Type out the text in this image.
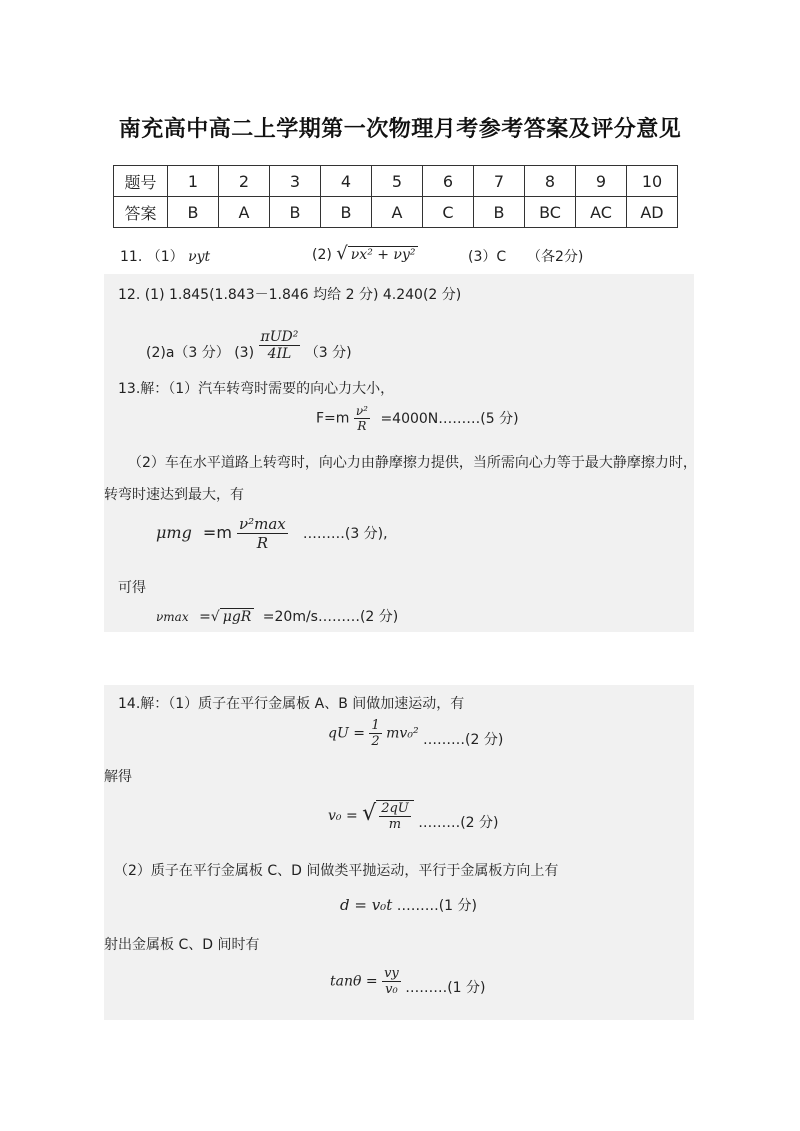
南充高中高二上学期第一次物理月考参考答案及评分意见
题号	1	2	3	4	5	6	7	8	9	10
答案	B	A	B	B	A	C	B	BC	AC	AD
11. （1） νyt	(2) √ νx² + νy²	(3）C （各2分)
12. (1) 1.845(1.843－1.846 均给 2 分) 4.240(2 分)
(2)a（3 分） $(3) \frac{\text{πUD²}}{4IL} (3$ 分)
13.解：（1）汽车转弯时需要的向心力大小，
$F=m \frac{\text{ν²}}{R}$ =4000N………(5 分)
（2）车在水平道路上转弯时，向心力由静摩擦力提供，当所需向心力等于最大静摩擦力时，
转弯时速达到最大，有
$\mu mg =m \frac{\text{ν²max}}{R}$ ………(3 分),
可得
νmax =√ μgR =20m/s………(2 分)
14.解：（1）质子在平行金属板 A、B 间做加速运动，有
qU = $\frac{1}{2} mv_0^2$ ………(2 分)
解得
v₀ = √ $\frac{2qU}{m}$ ………(2 分)
（2）质子在平行金属板 C、D 间做类平抛运动，平行于金属板方向上有
d = v₀t ………(1 分)
射出金属板 C、D 间时有
$\tan\theta = \frac{vy}{\text{v₀}}$ ………(1 分)
